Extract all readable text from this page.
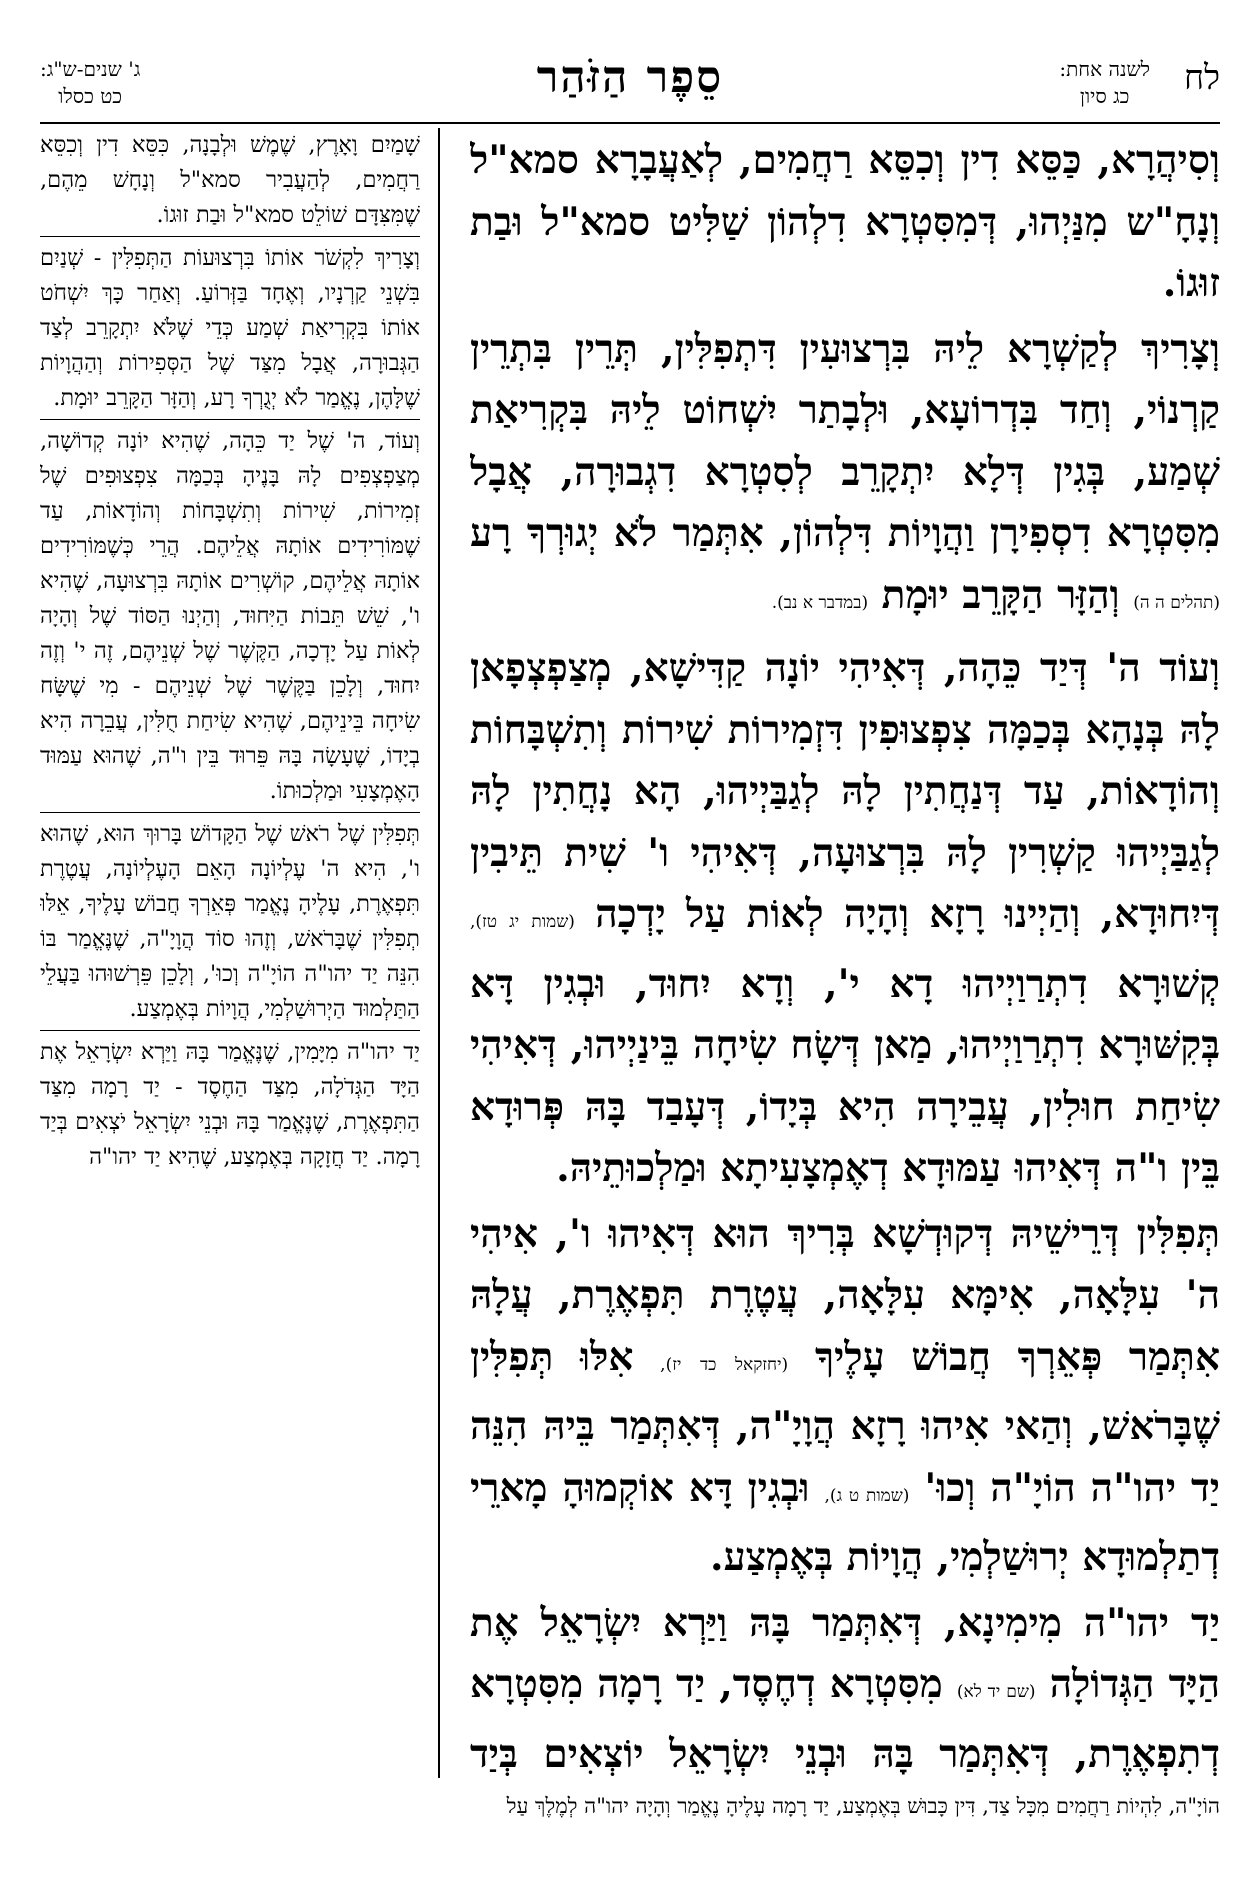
לח
לשנה אחת:
כג סיון
סֵפֶר הַזֹּהַר
ג' שנים-ש"ג:
כט כסלו

וְסִיהֲרָא, כַּסֵּא דִין וְכִסֵּא רַחֲמִים, לְאַעֲבָרָא סמא"ל וְנָחָ"ש מִנַּיְהוּ, דְּמִסִּטְרָא דִלְהוֹן שַׁלִּיט סמא"ל וּבַת זוּגוֹ.

וְצָרִיךְ לְקַשְׁרָא לֵיהּ בִּרְצוּעִין דִּתְפִלִּין, תְּרֵין בִּתְרֵין קַרְנוֹי, וְחַד בִּדְרוֹעָא, וּלְבָתַר יִשְׁחוֹט לֵיהּ בִּקְרִיאַת שְׁמַע, בְּגִין דְּלָא יִתְקָרֵב לְסִטְרָא דִגְבוּרָה, אֲבָל מִסִּטְרָא דִסְפִירָן וַהֲוָיוֹת דִּלְהוֹן, אִתְּמַר לֹא יְגוּרְךָ רָע (תהלים ה ה) וְהַזָּר הַקָּרֵב יוּמָת (במדבר א נב).

וְעוֹד ה' דְּיַד כֵּהָה, דְּאִיהִי יוֹנָה קַדִּישָׁא, מְצַפְצְפָאן לָהּ בְּנָהָא בְּכַמָּה צִפְצוּפִין דִּזְמִירוֹת שִׁירוֹת וְתִשְׁבָּחוֹת וְהוֹדָאוֹת, עַד דְּנַחֲתִין לָהּ לְגַבַּיְיהוּ, הָא נָחֲתִין לָהּ לְגַבַּיְיהוּ קַשְׁרִין לָהּ בִּרְצוּעָה, דְּאִיהִי ו' שִׁית תֵּיבִין דְּיִחוּדָא, וְהַיְינוּ רָזָא וְהָיָה לְאוֹת עַל יָדְכָה (שמות יג טז), קְשׁוּרָא דִתְרַוַיְיהוּ דָא י', וְדָא יִחוּד, וּבְגִין דָּא בְּקִשּׁוּרָא דִתְרַוַיְיהוּ, מַאן דְּשָׂח שִׂיחָה בֵּינַיְיהוּ, דְּאִיהִי שִׂיחַת חוּלִין, עֲבֵירָה הִיא בְּיָדוֹ, דְּעָבַד בָּהּ פְּרוּדָא בֵּין ו"ה דְּאִיהוּ עַמּוּדָא דְאֶמְצָעִיתָא וּמַלְכוּתֵיהּ.

תְּפִלִּין דְּרֵישֵׁיהּ דְּקוּדְשָׁא בְּרִיךְ הוּא דְּאִיהוּ ו', אִיהִי ה' עִלָּאָה, אִימָּא עִלָּאָה, עֲטֶרֶת תִּפְאֶרֶת, עֲלָהּ אִתְּמַר פְּאֵרְךָ חֲבוֹשׁ עָלֶיךָ (יחזקאל כד יז), אִלּוּ תְּפִלִּין שֶׁבָּרֹאשׁ, וְהַאי אִיהוּ רָזָא הֲוָיָ"ה, דְּאִתְּמַר בֵּיהּ הִנֵּה יַד יהו"ה הוֹיָ"ה וְכוּ' (שמות ט ג), וּבְגִין דָּא אוֹקְמוּהָ מָארֵי דְתַלְמוּדָא יְרוּשַׁלְמִי, הֲוָיוֹת בְּאֶמְצַע.

יַד יהו"ה מִימִינָא, דְּאִתְּמַר בָּהּ וַיַּרְא יִשְׂרָאֵל אֶת הַיָּד הַגְּדוֹלָה (שם יד לא) מִסִּטְרָא דְחֶסֶד, יַד רָמָה מִסִּטְרָא דְתִפְאֶרֶת, דְּאִתְּמַר בָּהּ וּבְנֵי יִשְׂרָאֵל יוֹצְאִים בְּיַד

שָׁמַיִם וָאָרֶץ, שֶׁמֶשׁ וּלְבָנָה, כִּסֵּא דִין וְכִסֵּא רַחֲמִים, לְהַעֲבִיר סמא"ל וְנָחָשׁ מֵהֶם, שֶׁמִּצִּדָּם שׁוֹלֵט סמא"ל וּבַת זוּגוֹ.

וְצָרִיךְ לִקְשֹׁר אוֹתוֹ בִּרְצוּעוֹת הַתְּפִלִּין - שְׁנַיִם בִּשְׁנֵי קַרְנָיו, וְאֶחָד בַּזְּרוֹעַ. וְאַחַר כָּךְ יִשְׁחֹט אוֹתוֹ בִּקְרִיאַת שְׁמַע כְּדֵי שֶׁלֹּא יִתְקָרֵב לְצַד הַגְּבוּרָה, אֲבָל מִצַּד שֶׁל הַסְּפִירוֹת וְהַהֲוָיוֹת שֶׁלָּהֶן, נֶאֱמַר לֹא יְגֻרְךָ רָע, וְהַזָּר הַקָּרֵב יוּמָת.

וְעוֹד, ה' שֶׁל יַד כֵּהָה, שֶׁהִיא יוֹנָה קְדוֹשָׁה, מְצַפְצְפִים לָהּ בָּנֶיהָ בְּכַמָּה צִפְצוּפִים שֶׁל זְמִירוֹת, שִׁירוֹת וְתִשְׁבָּחוֹת וְהוֹדָאוֹת, עַד שֶׁמּוֹרִידִים אוֹתָהּ אֲלֵיהֶם. הֲרֵי כְּשֶׁמּוֹרִידִים אוֹתָהּ אֲלֵיהֶם, קוֹשְׁרִים אוֹתָהּ בִּרְצוּעָה, שֶׁהִיא ו', שֵׁשׁ תֵּבוֹת הַיִּחוּד, וְהַיְנוּ הַסּוֹד שֶׁל וְהָיָה לְאוֹת עַל יָדְכָה, הַקֶּשֶׁר שֶׁל שְׁנֵיהֶם, זֶה י' וְזֶה יִחוּד, וְלָכֵן בַּקֶּשֶׁר שֶׁל שְׁנֵיהֶם - מִי שֶׁשָּׂח שִׂיחָה בֵּינֵיהֶם, שֶׁהִיא שִׂיחַת חֻלִּין, עֲבֵרָה הִיא בְיָדוֹ, שֶׁעָשָׂה בָּהּ פֵּרוּד בֵּין ו"ה, שֶׁהוּא עַמּוּד הָאֶמְצָעִי וּמַלְכוּתוֹ.

תְּפִלִּין שֶׁל רֹאשׁ שֶׁל הַקָּדוֹשׁ בָּרוּךְ הוּא, שֶׁהוּא ו', הִיא ה' עֶלְיוֹנָה הָאֵם הָעֶלְיוֹנָה, עֲטֶרֶת תִּפְאֶרֶת, עָלֶיהָ נֶאֱמַר פְּאֵרְךָ חֲבוֹשׁ עָלֶיךָ, אֵלּוּ תְפִלִּין שֶׁבָּרֹאשׁ, וְזֶהוּ סוֹד הֲוָיָ"ה, שֶׁנֶּאֱמַר בּוֹ הִנֵּה יַד יהו"ה הוֹיָ"ה וְכוּ', וְלָכֵן פֵּרְשׁוּהוּ בַּעֲלֵי הַתַּלְמוּד הַיְרוּשַׁלְמִי, הֲוָיוֹת בְּאֶמְצַע.

יַד יהו"ה מִיָּמִין, שֶׁנֶּאֱמַר בָּהּ וַיַּרְא יִשְׂרָאֵל אֶת הַיָּד הַגְּדֹלָה, מִצַּד הַחֶסֶד - יַד רָמָה מִצַּד הַתִּפְאֶרֶת, שֶׁנֶּאֱמַר בָּהּ וּבְנֵי יִשְׂרָאֵל יֹצְאִים בְּיַד רָמָה. יַד חֲזָקָה בְּאֶמְצַע, שֶׁהִיא יַד יהו"ה

הוֹיָ"ה, לִהְיוֹת רַחֲמִים מִכָּל צַד, דִּין כָּבוּשׁ בְּאֶמְצַע, יַד רָמָה עָלֶיהָ נֶאֱמַר וְהָיָה יהו"ה לְמֶלֶךְ עַל
